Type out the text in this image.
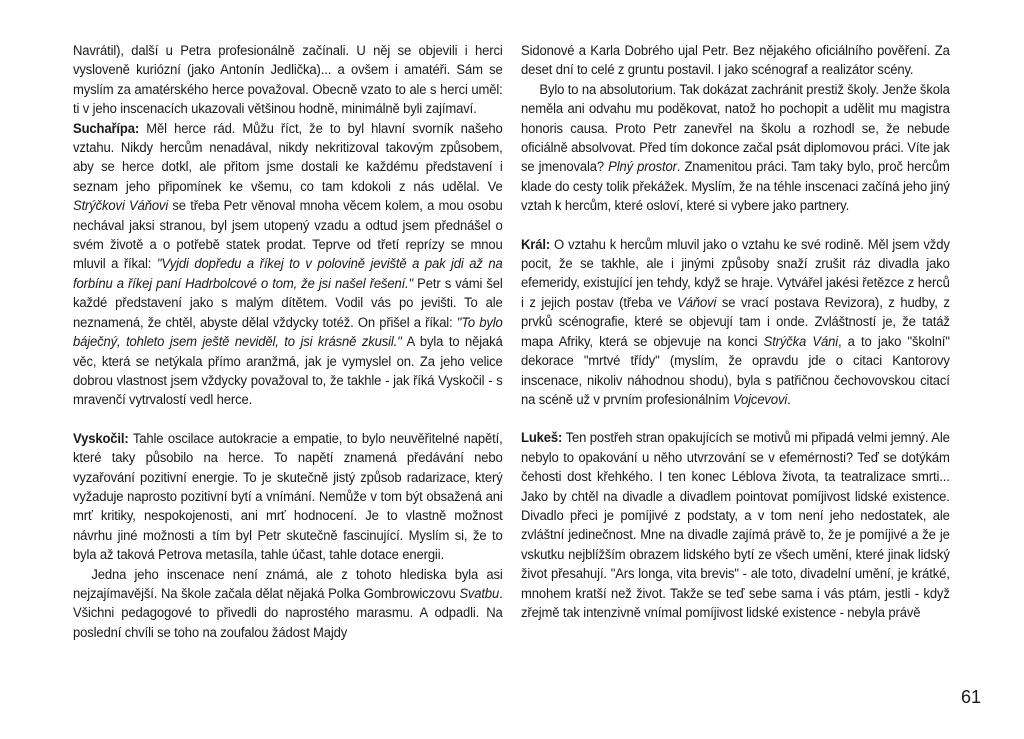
Navrátil), další u Petra profesionálně začínali. U něj se objevili i herci vysloveně kuriózní (jako Antonín Jedlička)... a ovšem i amatéři. Sám se myslím za amatérského herce považoval. Obecně vzato to ale s herci uměl: ti v jeho inscenacích ukazovali většinou hodně, minimálně byli zajímaví.

Suchařípa: Měl herce rád. Můžu říct, že to byl hlavní svorník našeho vztahu. Nikdy hercům nenadával, nikdy nekritizoval takovým způsobem, aby se herce dotkl, ale přitom jsme dostali ke každému představení i seznam jeho připomínek ke všemu, co tam kdokoli z nás udělal. Ve Strýčkovi Váňovi se třeba Petr věnoval mnoha věcem kolem, a mou osobu nechával jaksi stranou, byl jsem utopený vzadu a odtud jsem přednášel o svém životě a o potřebě statek prodat. Teprve od třetí reprízy se mnou mluvil a říkal: "Vyjdi dopředu a říkej to v polovině jeviště a pak jdi až na forbínu a říkej paní Hadrbolcové o tom, že jsi našel řešení." Petr s vámi šel každé představení jako s malým dítětem. Vodil vás po jevišti. To ale neznamená, že chtěl, abyste dělal vždycky totéž. On přišel a říkal: "To bylo báječný, tohleto jsem ještě neviděl, to jsi krásně zkusil." A byla to nějaká věc, která se netýkala přímo aranžmá, jak je vymyslel on. Za jeho velice dobrou vlastnost jsem vždycky považoval to, že takhle - jak říká Vyskočil - s mravenčí vytrvalostí vedl herce.

Vyskočil: Tahle oscilace autokracie a empatie, to bylo neuvěřitelné napětí, které taky působilo na herce. To napětí znamená předávání nebo vyzařování pozitivní energie. To je skutečně jistý způsob radarizace, který vyžaduje naprosto pozitivní bytí a vnímání. Nemůže v tom být obsažená ani mrť kritiky, nespokojenosti, ani mrť hodnocení. Je to vlastně možnost návrhu jiné možnosti a tím byl Petr skutečně fascinující. Myslím si, že to byla až taková Petrova metasíla, tahle účast, tahle dotace energii.

Jedna jeho inscenace není známá, ale z tohoto hlediska byla asi nejzajímavější. Na škole začala dělat nějaká Polka Gombrowiczovu Svatbu. Všichni pedagogové to přivedli do naprostého marasmu. A odpadli. Na poslední chvíli se toho na zoufalou žádost Majdy

Sidonové a Karla Dobrého ujal Petr. Bez nějakého oficiálního pověření. Za deset dní to celé z gruntu postavil. I jako scénograf a realizátor scény.

Bylo to na absolutorium. Tak dokázat zachránit prestiž školy. Jenže škola neměla ani odvahu mu poděkovat, natož ho pochopit a udělit mu magistra honoris causa. Proto Petr zanevřel na školu a rozhodl se, že nebude oficiálně absolvovat. Před tím dokonce začal psát diplomovou práci. Víte jak se jmenovala? Plný prostor. Znamenitou práci. Tam taky bylo, proč hercům klade do cesty tolik překážek. Myslím, že na téhle inscenaci začíná jeho jiný vztah k hercům, které osloví, které si vybere jako partnery.

Král: O vztahu k hercům mluvil jako o vztahu ke své rodině. Měl jsem vždy pocit, že se takhle, ale i jinými způsoby snaží zrušit ráz divadla jako efemeridy, existující jen tehdy, když se hraje. Vytvářel jakési řetězce z herců i z jejich postav (třeba ve Váňovi se vrací postava Revizora), z hudby, z prvků scénografie, které se objevují tam i onde. Zvláštností je, že tatáž mapa Afriky, která se objevuje na konci Strýčka Váni, a to jako "školní" dekorace "mrtvé třídy" (myslím, že opravdu jde o citaci Kantorovy inscenace, nikoliv náhodnou shodu), byla s patřičnou čechovovskou citací na scéně už v prvním profesionálním Vojcevovi.

Lukeš: Ten postřeh stran opakujících se motivů mi připadá velmi jemný. Ale nebylo to opakování u něho utvrzování se v efemérnosti? Teď se dotýkám čehosti dost křehkého. I ten konec Léblova života, ta teatralizace smrti... Jako by chtěl na divadle a divadlem pointovat pomíjivost lidské existence. Divadlo přeci je pomíjivé z podstaty, a v tom není jeho nedostatek, ale zvláštní jedinečnost. Mne na divadle zajímá právě to, že je pomíjivé a že je vskutku nejblížším obrazem lidského bytí ze všech umění, které jinak lidský život přesahují. "Ars longa, vita brevis" - ale toto, divadelní umění, je krátké, mnohem kratší než život. Takže se teď sebe sama i vás ptám, jestli - když zřejmě tak intenzivně vnímal pomíjivost lidské existence - nebyla právě

61
